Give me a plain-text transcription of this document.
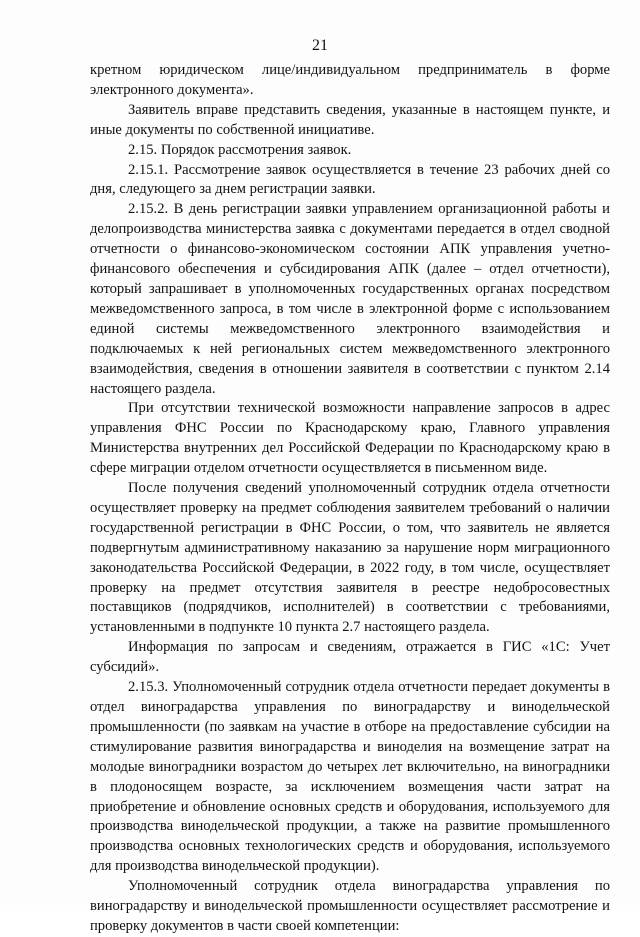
21

кретном юридическом лице/индивидуальном предприниматель в форме электронного документа».

Заявитель вправе представить сведения, указанные в настоящем пункте, и иные документы по собственной инициативе.

2.15. Порядок рассмотрения заявок.

2.15.1. Рассмотрение заявок осуществляется в течение 23 рабочих дней со дня, следующего за днем регистрации заявки.

2.15.2. В день регистрации заявки управлением организационной работы и делопроизводства министерства заявка с документами передается в отдел сводной отчетности о финансово-экономическом состоянии АПК управления учетно-финансового обеспечения и субсидирования АПК (далее – отдел отчетности), который запрашивает в уполномоченных государственных органах посредством межведомственного запроса, в том числе в электронной форме с использованием единой системы межведомственного электронного взаимодействия и подключаемых к ней региональных систем межведомственного электронного взаимодействия, сведения в отношении заявителя в соответствии с пунктом 2.14 настоящего раздела.

При отсутствии технической возможности направление запросов в адрес управления ФНС России по Краснодарскому краю, Главного управления Министерства внутренних дел Российской Федерации по Краснодарскому краю в сфере миграции отделом отчетности осуществляется в письменном виде.

После получения сведений уполномоченный сотрудник отдела отчетности осуществляет проверку на предмет соблюдения заявителем требований о наличии государственной регистрации в ФНС России, о том, что заявитель не является подвергнутым административному наказанию за нарушение норм миграционного законодательства Российской Федерации, в 2022 году, в том числе, осуществляет проверку на предмет отсутствия заявителя в реестре недобросовестных поставщиков (подрядчиков, исполнителей) в соответствии с требованиями, установленными в подпункте 10 пункта 2.7 настоящего раздела.

Информация по запросам и сведениям, отражается в ГИС «1С: Учет субсидий».

2.15.3. Уполномоченный сотрудник отдела отчетности передает документы в отдел виноградарства управления по виноградарству и винодельческой промышленности (по заявкам на участие в отборе на предоставление субсидии на стимулирование развития виноградарства и виноделия на возмещение затрат на молодые виноградники возрастом до четырех лет включительно, на виноградники в плодоносящем возрасте, за исключением возмещения части затрат на приобретение и обновление основных средств и оборудования, используемого для производства винодельческой продукции, а также на развитие промышленного производства основных технологических средств и оборудования, используемого для производства винодельческой продукции).

Уполномоченный сотрудник отдела виноградарства управления по виноградарству и винодельческой промышленности осуществляет рассмотрение и проверку документов в части своей компетенции:
